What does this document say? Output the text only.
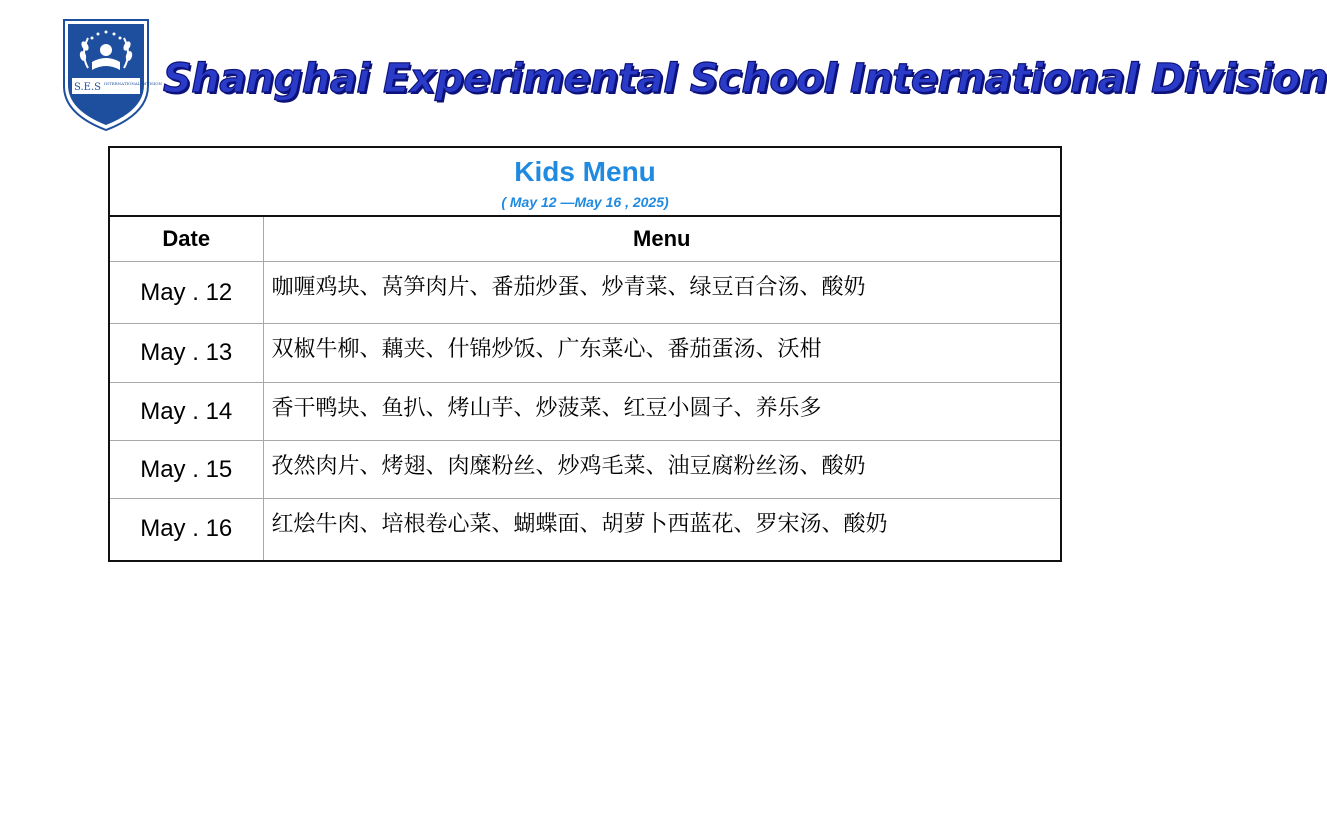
S.E.S INTERNATIONAL DIVISION Shanghai Experimental School International Division
Kids Menu
( May 12 —May 16 , 2025)	

Date	Menu
May . 12	咖喱鸡块、莴笋肉片、番茄炒蛋、炒青菜、绿豆百合汤、酸奶
May . 13	双椒牛柳、藕夹、什锦炒饭、广东菜心、番茄蛋汤、沃柑
May . 14	香干鸭块、鱼扒、烤山芋、炒菠菜、红豆小圆子、养乐多
May . 15	孜然肉片、烤翅、肉糜粉丝、炒鸡毛菜、油豆腐粉丝汤、酸奶
May . 16	红烩牛肉、培根卷心菜、蝴蝶面、胡萝卜西蓝花、罗宋汤、酸奶
